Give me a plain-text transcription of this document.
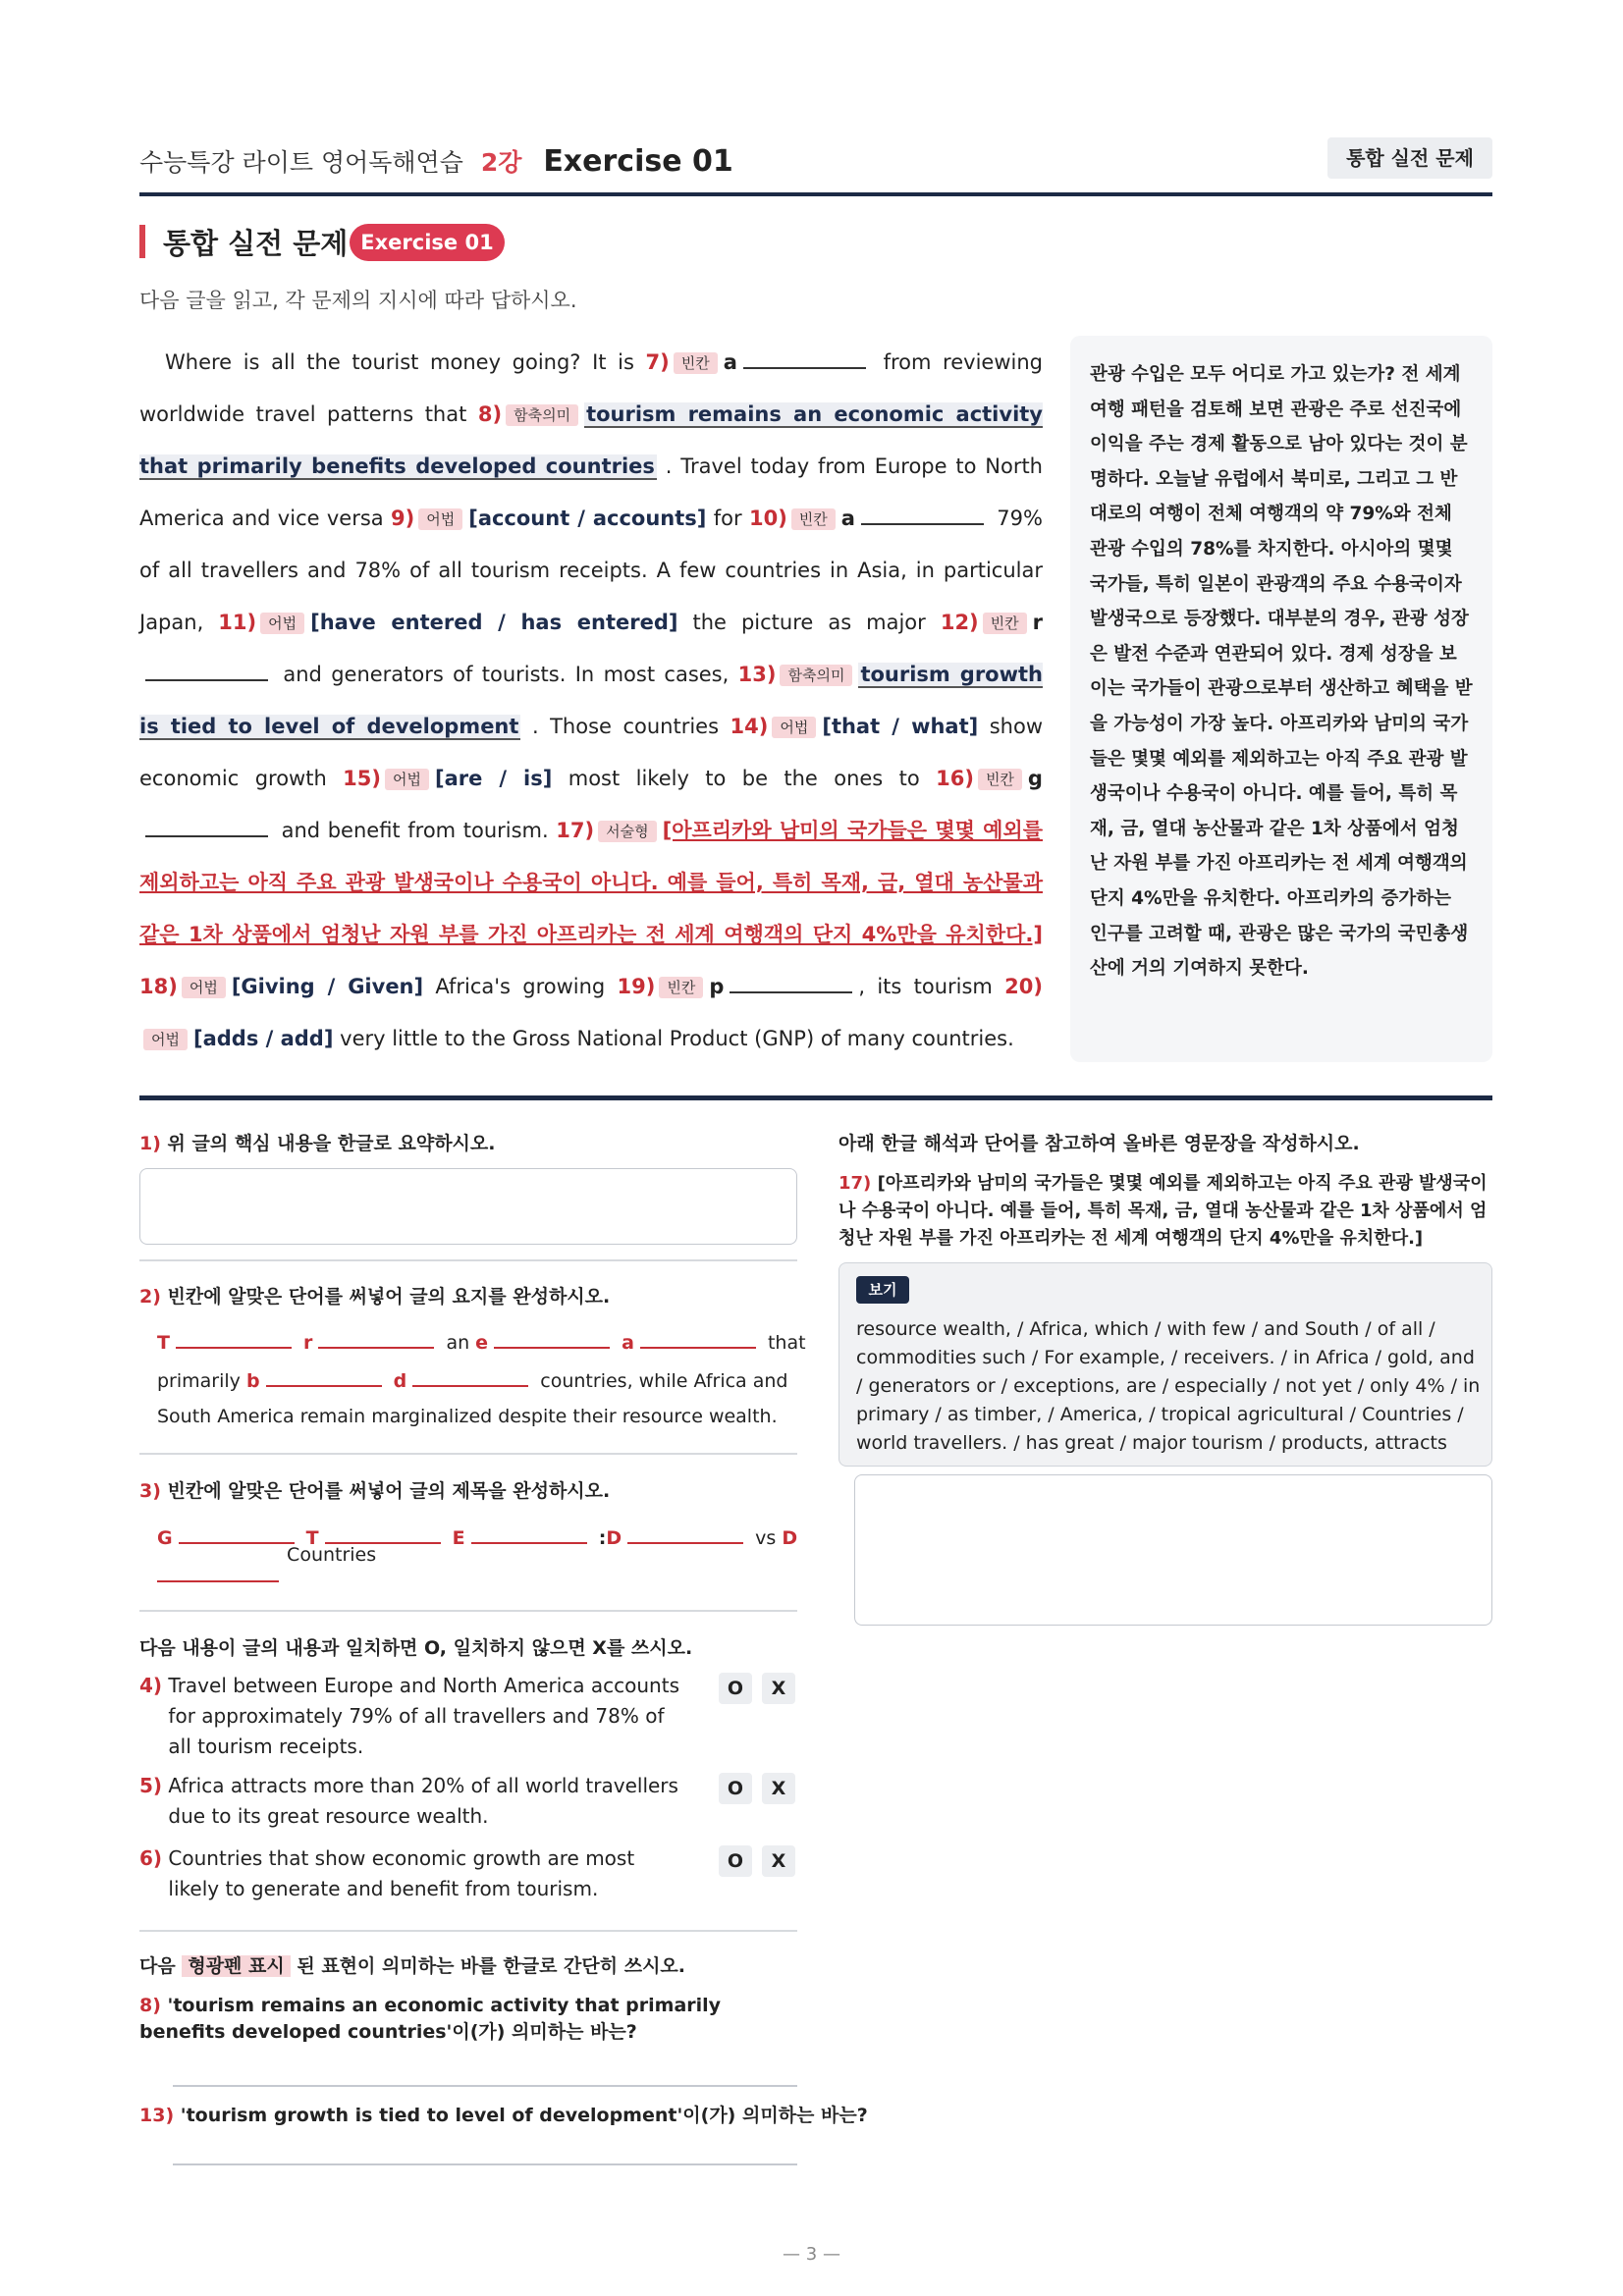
수능특강 라이트 영어독해연습 2강 Exercise 01	통합 실전 문제
통합 실전 문제 Exercise 01
다음 글을 읽고, 각 문제의 지시에 따라 답하시오.
Where is all the tourist money going? It is 7) 빈칸 a	from reviewing worldwide travel patterns that 8) 함축의미 tourism remains an economic activity that primarily benefits developed countries . Travel today from Europe to North America and vice versa 9) 어법 [account / accounts] for 10) 빈칸 a	79% of all travellers and 78% of all tourism receipts. A few countries in Asia, in particular Japan, 11) 어법 [have entered / has entered] the picture as major 12) 빈칸 r and generators of tourists. In most cases, 13) 함축의미 tourism growth is tied to level of development . Those countries 14) 어법 [that / what] show economic growth 15) 어법 [are / is] most likely to be the ones to 16) 빈칸 g and benefit from tourism. 17) 서술형 [아프리카와 남미의 국가들은 몇몇 예외를 제외하고는 아직 주요 관광 발생국이나 수용국이 아니다. 예를 들어, 특히 목재, 금, 열대 농산물과 같은 1차 상품에서 엄청난 자원 부를 가진 아프리카는 전 세계 여행객의 단지 4%만을 유치한다.] 18) 어법 [Giving / Given] Africa's growing 19) 빈칸 p	, its tourism 20)어법 [adds / add] very little to the Gross National Product (GNP) of many countries.
관광 수입은 모두 어디로 가고 있는가? 전 세계 여행 패턴을 검토해 보면 관광은 주로 선진국에 이익을 주는 경제 활동으로 남아 있다는 것이 분명하다. 오늘날 유럽에서 북미로, 그리고 그 반대로의 여행이 전체 여행객의 약 79%와 전체 관광 수입의 78%를 차지한다. 아시아의 몇몇 국가들, 특히 일본이 관광객의 주요 수용국이자 발생국으로 등장했다. 대부분의 경우, 관광 성장은 발전 수준과 연관되어 있다. 경제 성장을 보이는 국가들이 관광으로부터 생산하고 혜택을 받을 가능성이 가장 높다. 아프리카와 남미의 국가들은 몇몇 예외를 제외하고는 아직 주요 관광 발생국이나 수용국이 아니다. 예를 들어, 특히 목재, 금, 열대 농산물과 같은 1차 상품에서 엄청난 자원 부를 가진 아프리카는 전 세계 여행객의 단지 4%만을 유치한다. 아프리카의 증가하는 인구를 고려할 때, 관광은 많은 국가의 국민총생산에 거의 기여하지 못한다.
1) 위 글의 핵심 내용을 한글로 요약하시오.
2) 빈칸에 알맞은 단어를 써넣어 글의 요지를 완성하시오.
T	r	an e	a	that
primarily b	d	countries, while Africa and
South America remain marginalized despite their resource wealth.
3) 빈칸에 알맞은 단어를 써넣어 글의 제목을 완성하시오.
G	T	E	:D	vs D
Countries
다음 내용이 글의 내용과 일치하면 O, 일치하지 않으면 X를 쓰시오.
4) Travel between Europe and North America accounts for approximately 79% of all travellers and 78% of all tourism receipts.
O	X
5) Africa attracts more than 20% of all world travellers due to its great resource wealth.
O	X
6) Countries that show economic growth are most likely to generate and benefit from tourism.
O	X
다음 형광펜 표시 된 표현이 의미하는 바를 한글로 간단히 쓰시오.
8) 'tourism remains an economic activity that primarily benefits developed countries'이(가) 의미하는 바는?
13) 'tourism growth is tied to level of development'이(가) 의미하는 바는?
아래 한글 해석과 단어를 참고하여 올바른 영문장을 작성하시오.
17) [아프리카와 남미의 국가들은 몇몇 예외를 제외하고는 아직 주요 관광 발생국이나 수용국이 아니다. 예를 들어, 특히 목재, 금, 열대 농산물과 같은 1차 상품에서 엄청난 자원 부를 가진 아프리카는 전 세계 여행객의 단지 4%만을 유치한다.]
보기
resource wealth, / Africa, which / with few / and South / of all / commodities such / For example, / receivers. / in Africa / gold, and / generators or / exceptions, are / especially / not yet / only 4% / in primary / as timber, / America, / tropical agricultural / Countries / world travellers. / has great / major tourism / products, attracts
— 3 —
